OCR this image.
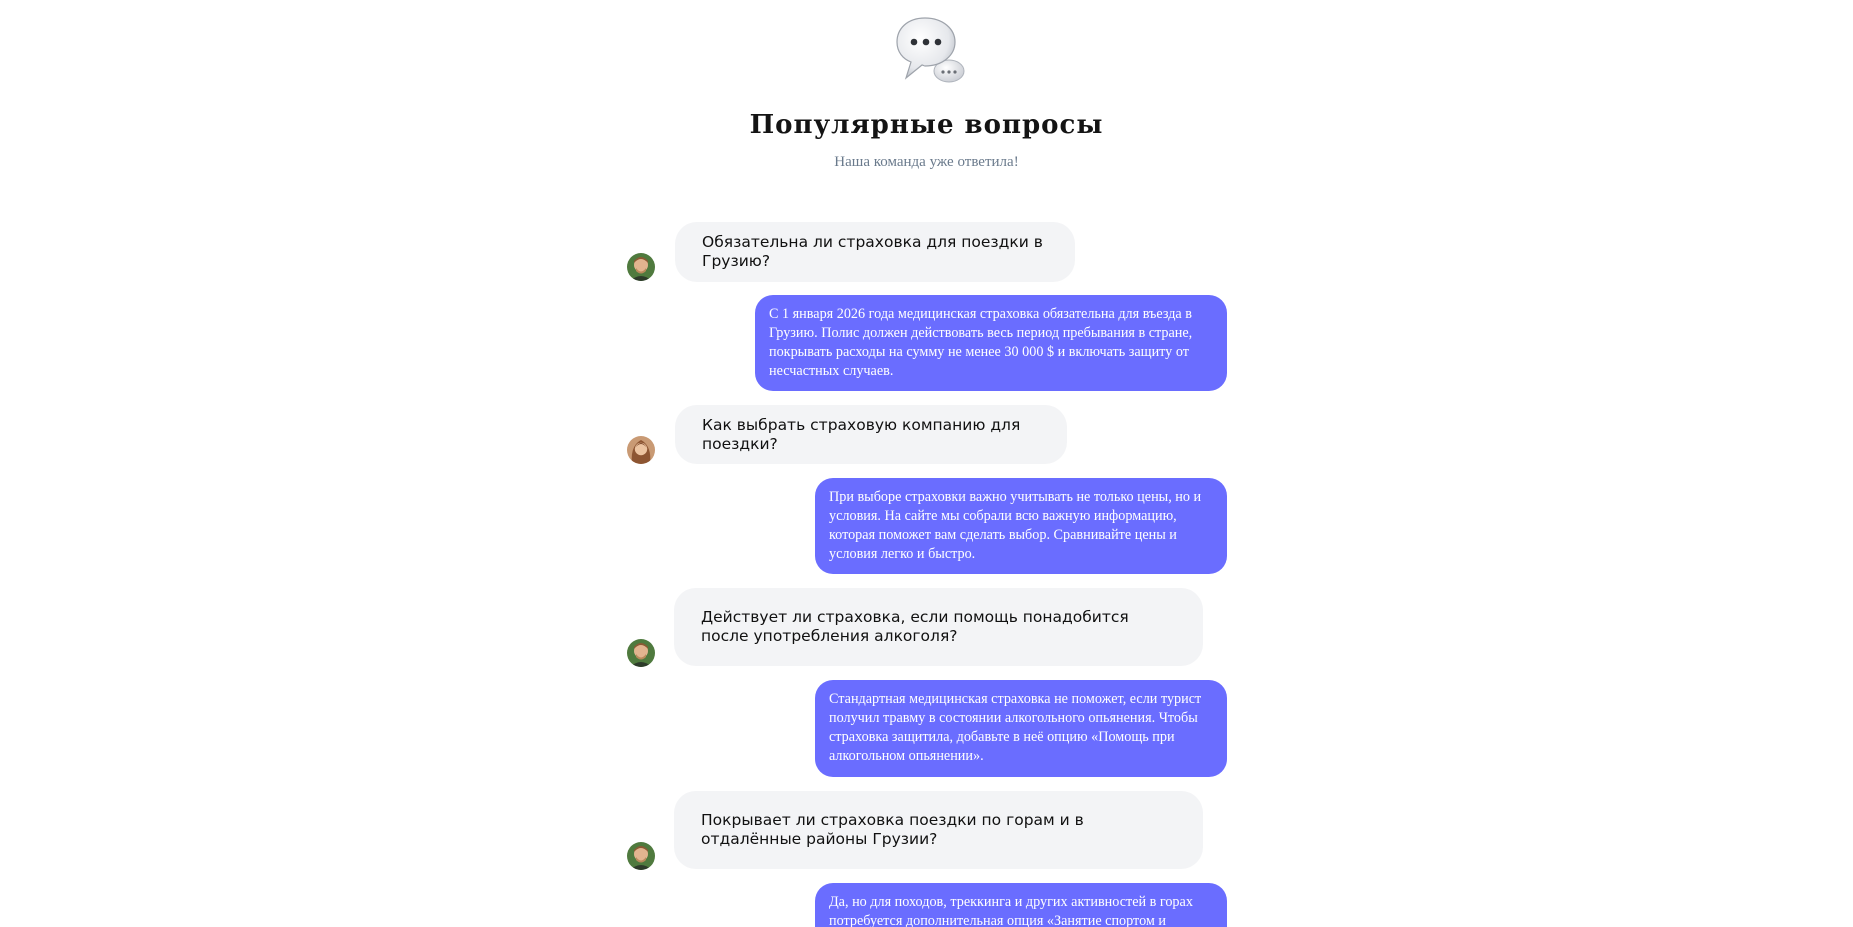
Популярные вопросы
Наша команда уже ответила!
Обязательна ли страховка для поездки в Грузию?
С 1 января 2026 года медицинская страховка обязательна для въезда в Грузию. Полис должен действовать весь период пребывания в стране, покрывать расходы на сумму не менее 30 000 $ и включать защиту от несчастных случаев.
Как выбрать страховую компанию для поездки?
При выборе страховки важно учитывать не только цены, но и условия. На сайте мы собрали всю важную информацию, которая поможет вам сделать выбор. Сравнивайте цены и условия легко и быстро.
Действует ли страховка, если помощь понадобится после употребления алкоголя?
Стандартная медицинская страховка не поможет, если турист получил травму в состоянии алкогольного опьянения. Чтобы страховка защитила, добавьте в неё опцию «Помощь при алкогольном опьянении».
Покрывает ли страховка поездки по горам и в отдалённые районы Грузии?
Да, но для походов, треккинга и других активностей в горах потребуется дополнительная опция «Занятие спортом и
